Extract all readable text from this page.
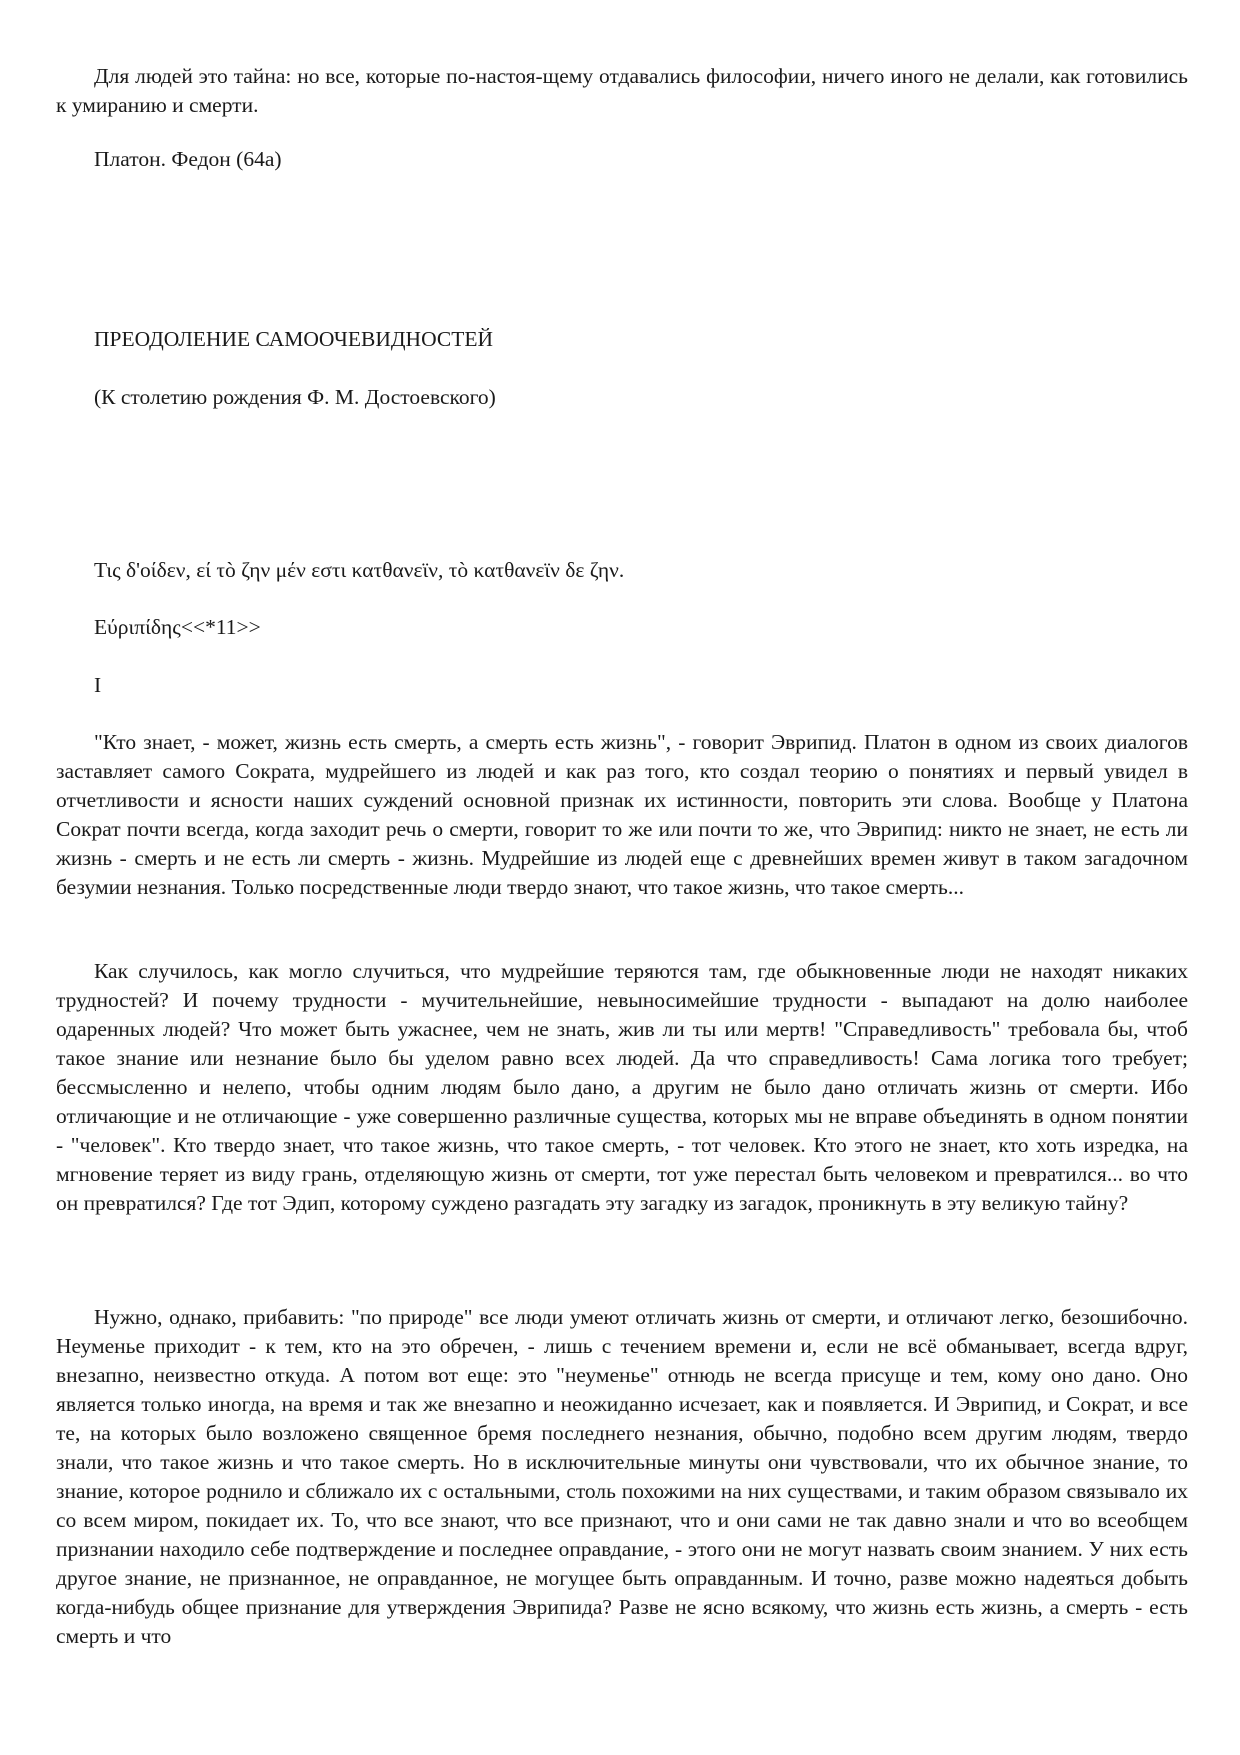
Для людей это тайна: но все, которые по-настоя-щему отдавались философии, ничего иного не делали, как готовились к умиранию и смерти.

Платон. Федон (64а)

ПРЕОДОЛЕНИЕ САМООЧЕВИДНОСТЕЙ

(К столетию рождения Ф. М. Достоевского)

Τις δ'οίδεν, εί τò ζην μέν εστι κατθανεϊν, τò κατθανεϊν δε ζην.

Εύριπίδης<<*11>>

I

"Кто знает, - может, жизнь есть смерть, а смерть есть жизнь", - говорит Эврипид. Платон в одном из своих диалогов заставляет самого Сократа, мудрейшего из людей и как раз того, кто создал теорию о понятиях и первый увидел в отчетливости и ясности наших суждений основной признак их истинности, повторить эти слова. Вообще у Платона Сократ почти всегда, когда заходит речь о смерти, говорит то же или почти то же, что Эврипид: никто не знает, не есть ли жизнь - смерть и не есть ли смерть - жизнь. Мудрейшие из людей еще с древнейших времен живут в таком загадочном безумии незнания. Только посредственные люди твердо знают, что такое жизнь, что такое смерть...

Как случилось, как могло случиться, что мудрейшие теряются там, где обыкновенные люди не находят никаких трудностей? И почему трудности - мучительнейшие, невыносимейшие трудности - выпадают на долю наиболее одаренных людей? Что может быть ужаснее, чем не знать, жив ли ты или мертв! "Справедливость" требовала бы, чтоб такое знание или незнание было бы уделом равно всех людей. Да что справедливость! Сама логика того требует; бессмысленно и нелепо, чтобы одним людям было дано, а другим не было дано отличать жизнь от смерти. Ибо отличающие и не отличающие - уже совершенно различные существа, которых мы не вправе объединять в одном понятии - "человек". Кто твердо знает, что такое жизнь, что такое смерть, - тот человек. Кто этого не знает, кто хоть изредка, на мгновение теряет из виду грань, отделяющую жизнь от смерти, тот уже перестал быть человеком и превратился... во что он превратился? Где тот Эдип, которому суждено разгадать эту загадку из загадок, проникнуть в эту великую тайну?

Нужно, однако, прибавить: "по природе" все люди умеют отличать жизнь от смерти, и отличают легко, безошибочно. Неуменье приходит - к тем, кто на это обречен, - лишь с течением времени и, если не всё обманывает, всегда вдруг, внезапно, неизвестно откуда. А потом вот еще: это "неуменье" отнюдь не всегда присуще и тем, кому оно дано. Оно является только иногда, на время и так же внезапно и неожиданно исчезает, как и появляется. И Эврипид, и Сократ, и все те, на которых было возложено священное бремя последнего незнания, обычно, подобно всем другим людям, твердо знали, что такое жизнь и что такое смерть. Но в исключительные минуты они чувствовали, что их обычное знание, то знание, которое роднило и сближало их с остальными, столь похожими на них существами, и таким образом связывало их со всем миром, покидает их. То, что все знают, что все признают, что и они сами не так давно знали и что во всеобщем признании находило себе подтверждение и последнее оправдание, - этого они не могут назвать своим знанием. У них есть другое знание, не признанное, не оправданное, не могущее быть оправданным. И точно, разве можно надеяться добыть когда-нибудь общее признание для утверждения Эврипида? Разве не ясно всякому, что жизнь есть жизнь, а смерть - есть смерть и что
